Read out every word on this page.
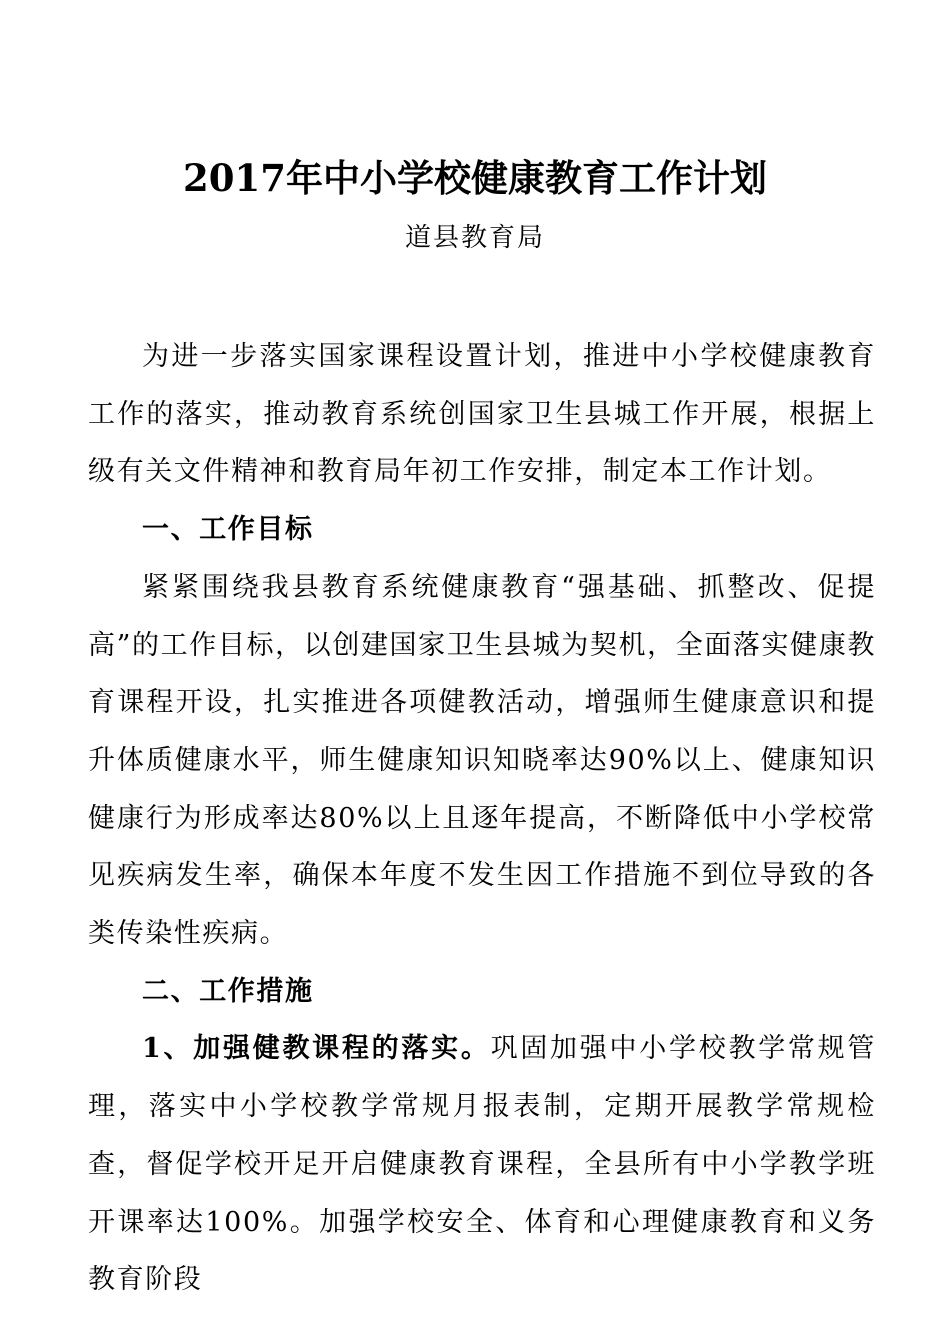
2017年中小学校健康教育工作计划
道县教育局

为进一步落实国家课程设置计划，推进中小学校健康教育工作的落实，推动教育系统创国家卫生县城工作开展，根据上级有关文件精神和教育局年初工作安排，制定本工作计划。

一、工作目标

紧紧围绕我县教育系统健康教育“强基础、抓整改、促提高”的工作目标，以创建国家卫生县城为契机，全面落实健康教育课程开设，扎实推进各项健教活动，增强师生健康意识和提升体质健康水平，师生健康知识知晓率达90%以上、健康知识健康行为形成率达80%以上且逐年提高，不断降低中小学校常见疾病发生率，确保本年度不发生因工作措施不到位导致的各类传染性疾病。

二、工作措施

1、加强健教课程的落实。巩固加强中小学校教学常规管理，落实中小学校教学常规月报表制，定期开展教学常规检查，督促学校开足开启健康教育课程，全县所有中小学教学班开课率达100%。加强学校安全、体育和心理健康教育和义务教育阶段
